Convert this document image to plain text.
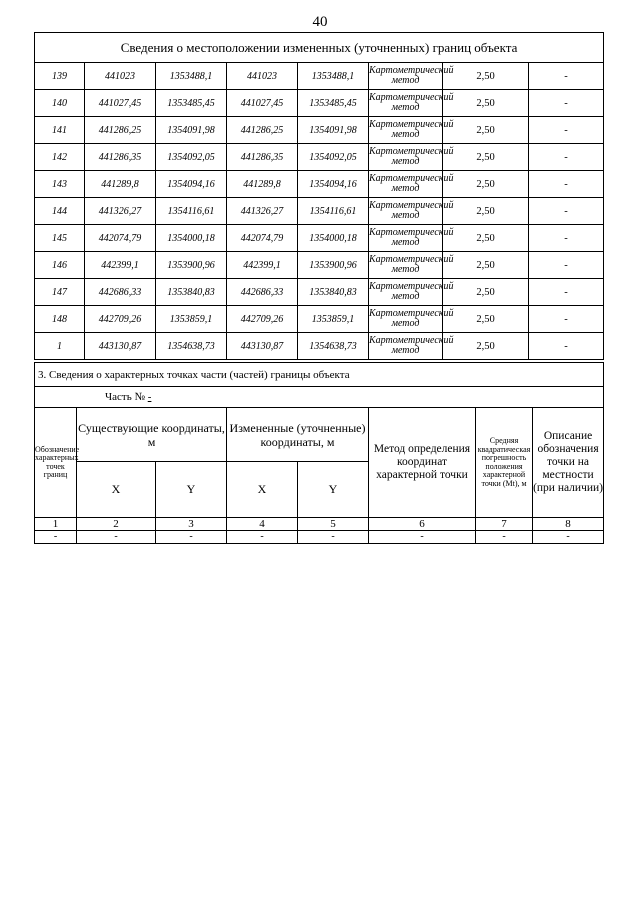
40
Сведения о местоположении измененных (уточненных) границ объекта							
139	441023	1353488,1	441023	1353488,1	Картометрический метод	2,50	-
140	441027,45	1353485,45	441027,45	1353485,45	Картометрический метод	2,50	-
141	441286,25	1354091,98	441286,25	1354091,98	Картометрический метод	2,50	-
142	441286,35	1354092,05	441286,35	1354092,05	Картометрический метод	2,50	-
143	441289,8	1354094,16	441289,8	1354094,16	Картометрический метод	2,50	-
144	441326,27	1354116,61	441326,27	1354116,61	Картометрический метод	2,50	-
145	442074,79	1354000,18	442074,79	1354000,18	Картометрический метод	2,50	-
146	442399,1	1353900,96	442399,1	1353900,96	Картометрический метод	2,50	-
147	442686,33	1353840,83	442686,33	1353840,83	Картометрический метод	2,50	-
148	442709,26	1353859,1	442709,26	1353859,1	Картометрический метод	2,50	-
1	443130,87	1354638,73	443130,87	1354638,73	Картометрический метод	2,50	-
3. Сведения о характерных точках части (частей) границы объекта							
Часть № -							
Обозначение характерных точек границ	Существующие координаты, м		Измененные (уточненные) координаты, м		Метод определения координат характерной точки	Средняя квадратическая погрешность положения характерной точки (Mt), м	Описание обозначения точки на местности (при наличии)
	X	Y	X	Y			
1	2	3	4	5	6	7	8
-	-	-	-	-	-	-	-
